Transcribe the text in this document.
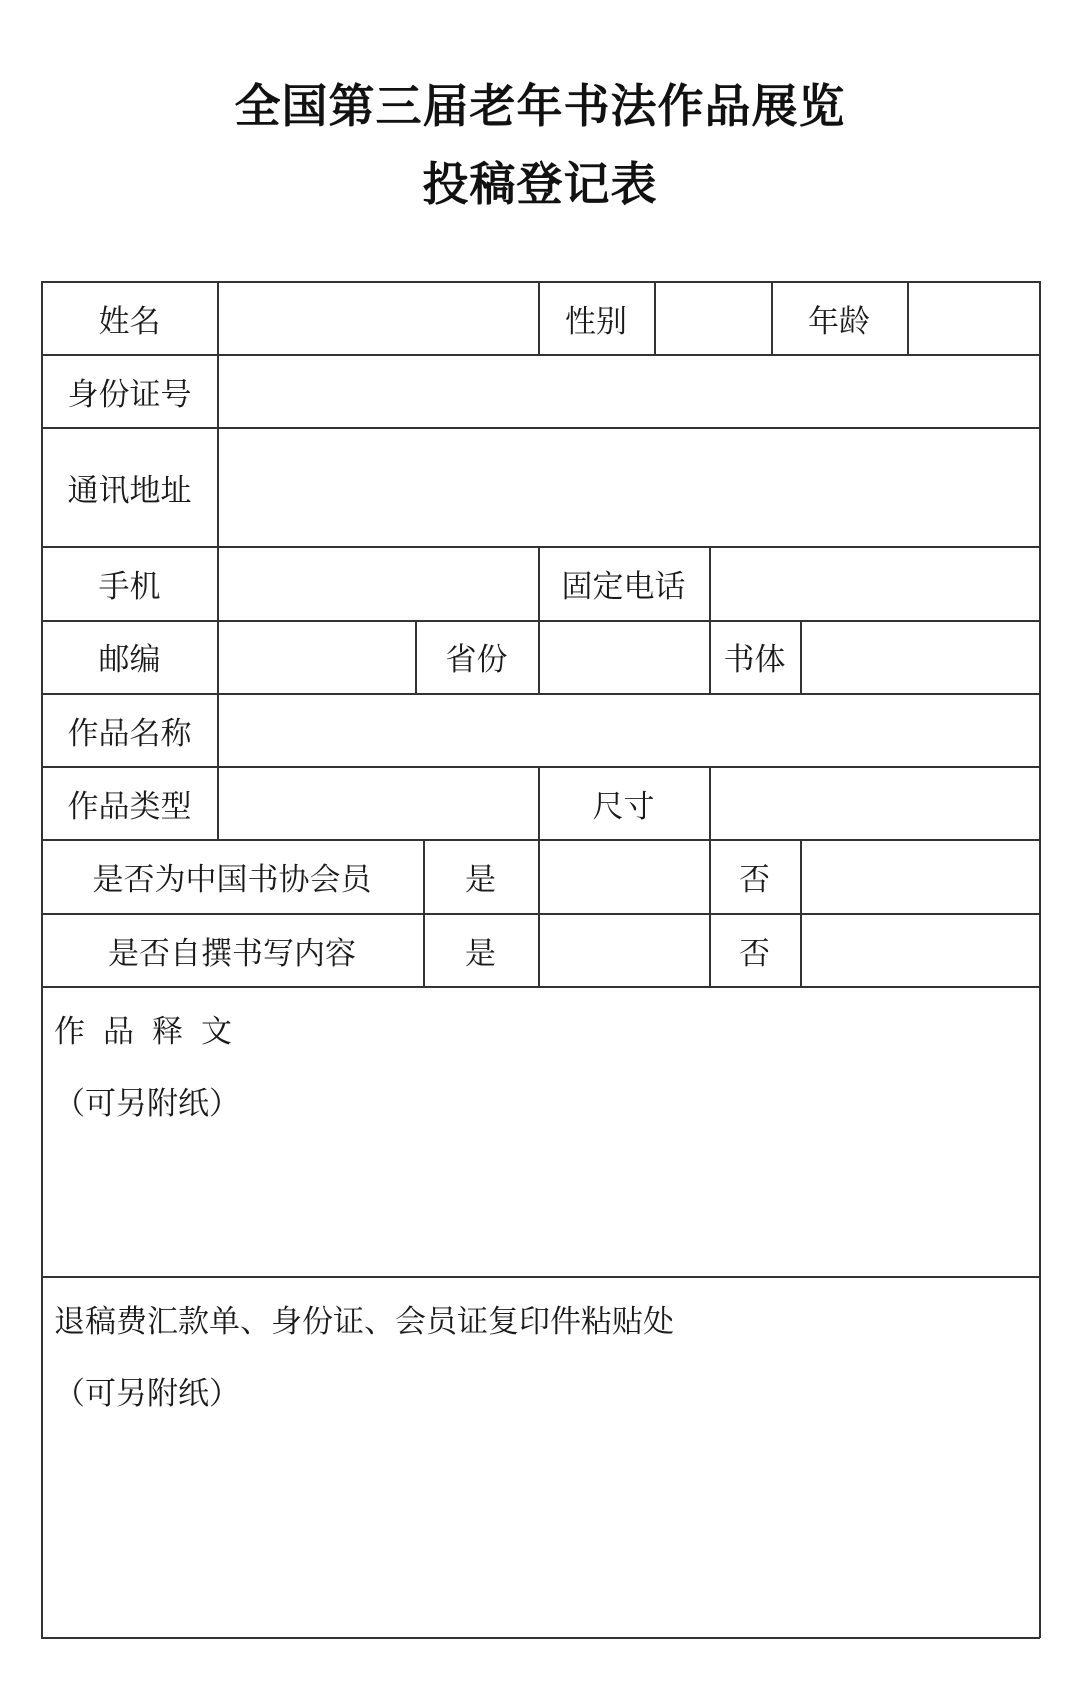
全国第三届老年书法作品展览
投稿登记表
姓名	性别	年龄
身份证号
通讯地址
手机	固定电话
邮编	省份	书体
作品名称
作品类型	尺寸
是否为中国书协会员	是	否
是否自撰书写内容	是	否
作品释文
（可另附纸）
退稿费汇款单、身份证、会员证复印件粘贴处
（可另附纸）
